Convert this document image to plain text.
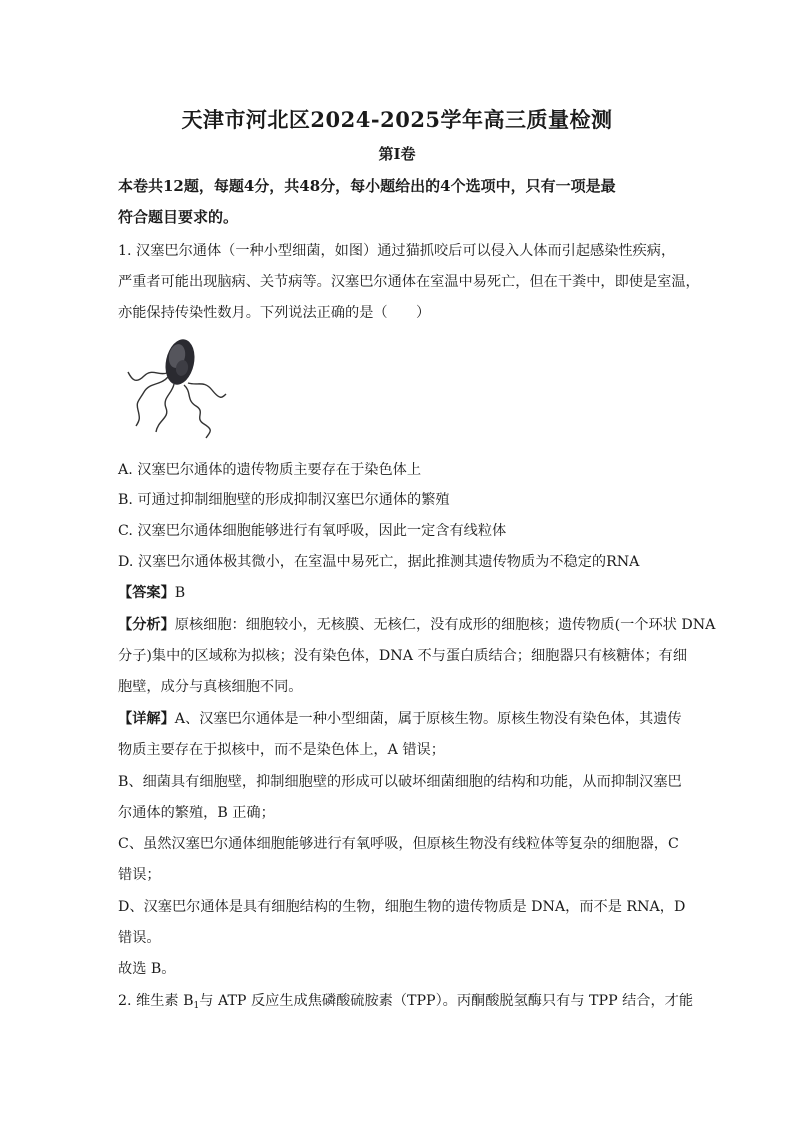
天津市河北区2024-2025学年高三质量检测
第Ⅰ卷
本卷共12题，每题4分，共48分，每小题给出的4个选项中，只有一项是最
符合题目要求的。
1. 汉塞巴尔通体（一种小型细菌，如图）通过猫抓咬后可以侵入人体而引起感染性疾病，
严重者可能出现脑病、关节病等。汉塞巴尔通体在室温中易死亡，但在干粪中，即使是室温，
亦能保持传染性数月。下列说法正确的是（　　）
A. 汉塞巴尔通体的遗传物质主要存在于染色体上
B. 可通过抑制细胞壁的形成抑制汉塞巴尔通体的繁殖
C. 汉塞巴尔通体细胞能够进行有氧呼吸，因此一定含有线粒体
D. 汉塞巴尔通体极其微小，在室温中易死亡，据此推测其遗传物质为不稳定的RNA
【答案】B
【分析】原核细胞：细胞较小，无核膜、无核仁，没有成形的细胞核；遗传物质(一个环状 DNA
分子)集中的区域称为拟核；没有染色体，DNA 不与蛋白质结合；细胞器只有核糖体；有细
胞壁，成分与真核细胞不同。
【详解】A、汉塞巴尔通体是一种小型细菌，属于原核生物。原核生物没有染色体，其遗传
物质主要存在于拟核中，而不是染色体上，A 错误；
B、细菌具有细胞壁，抑制细胞壁的形成可以破坏细菌细胞的结构和功能，从而抑制汉塞巴
尔通体的繁殖，B 正确；
C、虽然汉塞巴尔通体细胞能够进行有氧呼吸，但原核生物没有线粒体等复杂的细胞器，C
错误；
D、汉塞巴尔通体是具有细胞结构的生物，细胞生物的遗传物质是 DNA，而不是 RNA，D
错误。
故选 B。
2. 维生素 $B_1$与 ATP 反应生成焦磷酸硫胺素（TPP）。丙酮酸脱氢酶只有与 TPP 结合，才能
